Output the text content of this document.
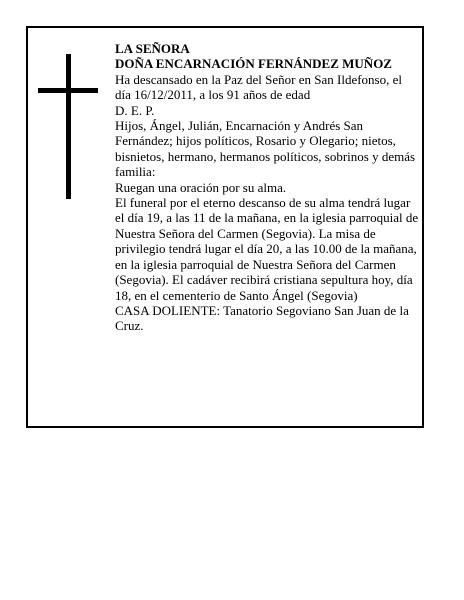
LA SEÑORA

DOÑA ENCARNACIÓN FERNÁNDEZ MUÑOZ

Ha descansado en la Paz del Señor en San Ildefonso, el día 16/12/2011, a los 91 años de edad

D. E. P.

Hijos, Ángel, Julián, Encarnación y Andrés San Fernández; hijos políticos, Rosario y Olegario; nietos, bisnietos, hermano, hermanos políticos, sobrinos y demás familia:

Ruegan una oración por su alma.

El funeral por el eterno descanso de su alma tendrá lugar el día 19, a las 11 de la mañana, en la iglesia parroquial de Nuestra Señora del Carmen (Segovia). La misa de privilegio tendrá lugar el día 20, a las 10.00 de la mañana, en la iglesia parroquial de Nuestra Señora del Carmen (Segovia). El cadáver recibirá cristiana sepultura hoy, día 18, en el cementerio de Santo Ángel (Segovia)

CASA DOLIENTE: Tanatorio Segoviano San Juan de la Cruz.
